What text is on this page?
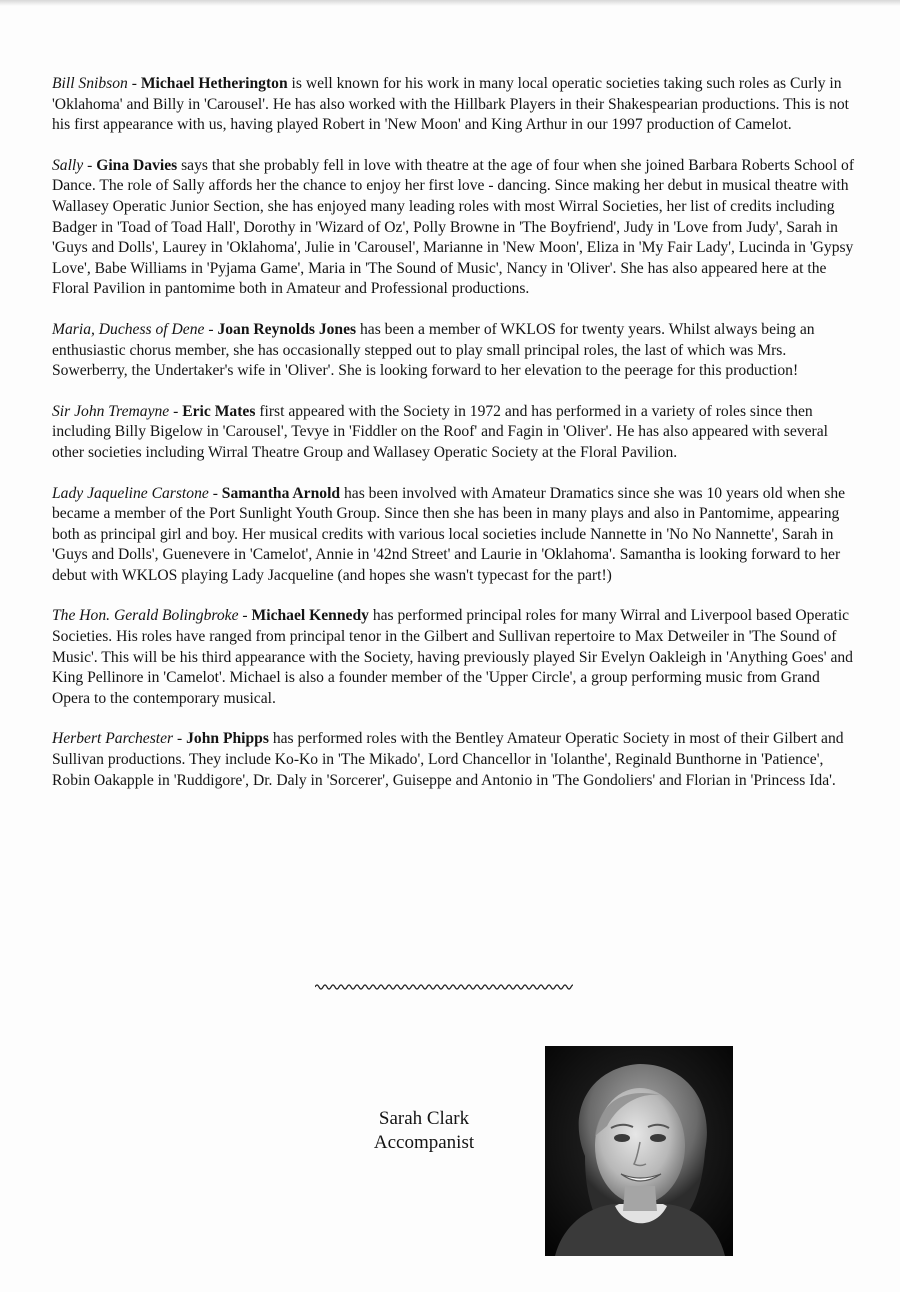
Bill Snibson - Michael Hetherington is well known for his work in many local operatic societies taking such roles as Curly in 'Oklahoma' and Billy in 'Carousel'. He has also worked with the Hillbark Players in their Shakespearian productions. This is not his first appearance with us, having played Robert in 'New Moon' and King Arthur in our 1997 production of Camelot.

Sally - Gina Davies says that she probably fell in love with theatre at the age of four when she joined Barbara Roberts School of Dance. The role of Sally affords her the chance to enjoy her first love - dancing. Since making her debut in musical theatre with Wallasey Operatic Junior Section, she has enjoyed many leading roles with most Wirral Societies, her list of credits including Badger in 'Toad of Toad Hall', Dorothy in 'Wizard of Oz', Polly Browne in 'The Boyfriend', Judy in 'Love from Judy', Sarah in 'Guys and Dolls', Laurey in 'Oklahoma', Julie in 'Carousel', Marianne in 'New Moon', Eliza in 'My Fair Lady', Lucinda in 'Gypsy Love', Babe Williams in 'Pyjama Game', Maria in 'The Sound of Music', Nancy in 'Oliver'. She has also appeared here at the Floral Pavilion in pantomime both in Amateur and Professional productions.

Maria, Duchess of Dene - Joan Reynolds Jones has been a member of WKLOS for twenty years. Whilst always being an enthusiastic chorus member, she has occasionally stepped out to play small principal roles, the last of which was Mrs. Sowerberry, the Undertaker's wife in 'Oliver'. She is looking forward to her elevation to the peerage for this production!

Sir John Tremayne - Eric Mates first appeared with the Society in 1972 and has performed in a variety of roles since then including Billy Bigelow in 'Carousel', Tevye in 'Fiddler on the Roof' and Fagin in 'Oliver'. He has also appeared with several other societies including Wirral Theatre Group and Wallasey Operatic Society at the Floral Pavilion.

Lady Jaqueline Carstone - Samantha Arnold has been involved with Amateur Dramatics since she was 10 years old when she became a member of the Port Sunlight Youth Group. Since then she has been in many plays and also in Pantomime, appearing both as principal girl and boy. Her musical credits with various local societies include Nannette in 'No No Nannette', Sarah in 'Guys and Dolls', Guenevere in 'Camelot', Annie in '42nd Street' and Laurie in 'Oklahoma'. Samantha is looking forward to her debut with WKLOS playing Lady Jacqueline (and hopes she wasn't typecast for the part!)

The Hon. Gerald Bolingbroke - Michael Kennedy has performed principal roles for many Wirral and Liverpool based Operatic Societies. His roles have ranged from principal tenor in the Gilbert and Sullivan repertoire to Max Detweiler in 'The Sound of Music'. This will be his third appearance with the Society, having previously played Sir Evelyn Oakleigh in 'Anything Goes' and King Pellinore in 'Camelot'. Michael is also a founder member of the 'Upper Circle', a group performing music from Grand Opera to the contemporary musical.

Herbert Parchester - John Phipps has performed roles with the Bentley Amateur Operatic Society in most of their Gilbert and Sullivan productions. They include Ko-Ko in 'The Mikado', Lord Chancellor in 'Iolanthe', Reginald Bunthorne in 'Patience', Robin Oakapple in 'Ruddigore', Dr. Daly in 'Sorcerer', Guiseppe and Antonio in 'The Gondoliers' and Florian in 'Princess Ida'.

Sarah Clark
Accompanist
